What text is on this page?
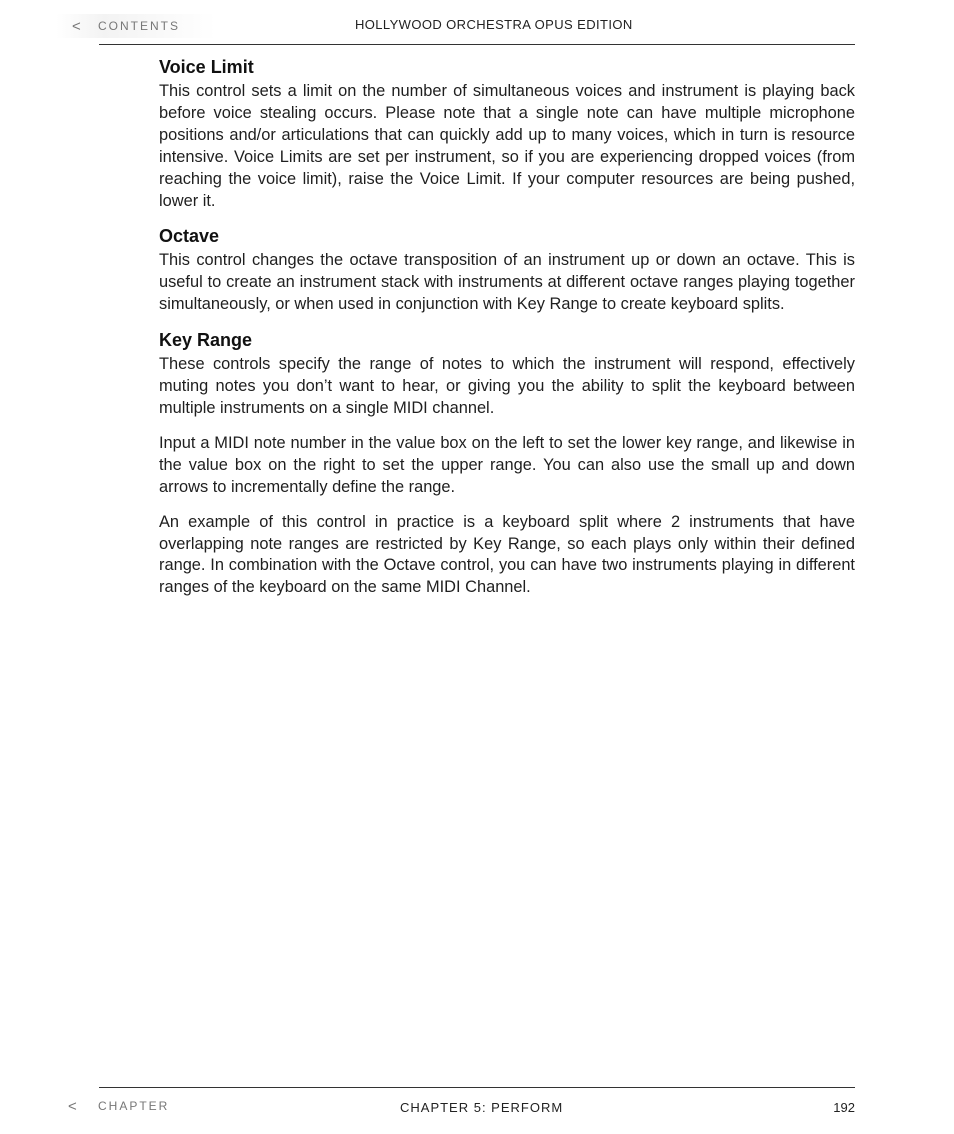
<	CONTENTS	HOLLYWOOD ORCHESTRA OPUS EDITION
Voice Limit

This control sets a limit on the number of simultaneous voices and instrument is playing back before voice stealing occurs. Please note that a single note can have multiple microphone positions and/or articulations that can quickly add up to many voices, which in turn is resource intensive. Voice Limits are set per instrument, so if you are experiencing dropped voices (from reaching the voice limit), raise the Voice Limit. If your computer resources are being pushed, lower it.

Octave

This control changes the octave transposition of an instrument up or down an octave. This is useful to create an instrument stack with instruments at different octave ranges playing together simultaneously, or when used in conjunction with Key Range to create keyboard splits.

Key Range

These controls specify the range of notes to which the instrument will respond, effectively muting notes you don’t want to hear, or giving you the ability to split the keyboard between multiple instruments on a single MIDI channel.

Input a MIDI note number in the value box on the left to set the lower key range, and likewise in the value box on the right to set the upper range. You can also use the small up and down arrows to incrementally define the range.

An example of this control in practice is a keyboard split where 2 instruments that have overlapping note ranges are restricted by Key Range, so each plays only within their defined range. In combination with the Octave control, you can have two instruments playing in different ranges of the keyboard on the same MIDI Channel.

<	CHAPTER	CHAPTER 5: PERFORM	192
